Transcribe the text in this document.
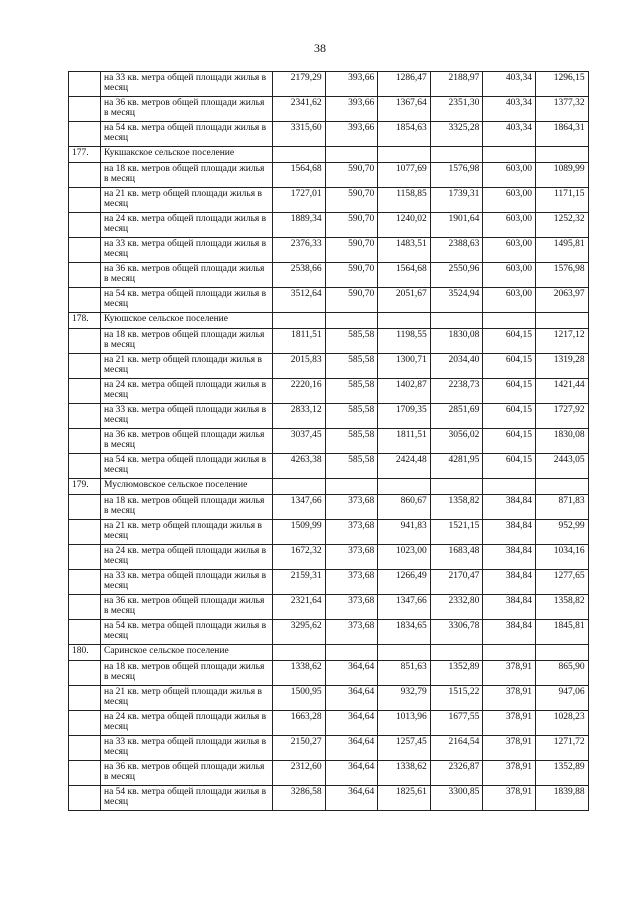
38
	на 33 кв. метра общей площади жилья в месяц	2179,29	393,66	1286,47	2188,97	403,34	1296,15
	на 36 кв. метров общей площади жилья в месяц	2341,62	393,66	1367,64	2351,30	403,34	1377,32
	на 54 кв. метра общей площади жилья в месяц	3315,60	393,66	1854,63	3325,28	403,34	1864,31
177.	Кукшакское сельское поселение						
	на 18 кв. метров общей площади жилья в месяц	1564,68	590,70	1077,69	1576,98	603,00	1089,99
	на 21 кв. метр общей площади жилья в месяц	1727,01	590,70	1158,85	1739,31	603,00	1171,15
	на 24 кв. метра общей площади жилья в месяц	1889,34	590,70	1240,02	1901,64	603,00	1252,32
	на 33 кв. метра общей площади жилья в месяц	2376,33	590,70	1483,51	2388,63	603,00	1495,81
	на 36 кв. метров общей площади жилья в месяц	2538,66	590,70	1564,68	2550,96	603,00	1576,98
	на 54 кв. метра общей площади жилья в месяц	3512,64	590,70	2051,67	3524,94	603,00	2063,97
178.	Куюшское сельское поселение						
	на 18 кв. метров общей площади жилья в месяц	1811,51	585,58	1198,55	1830,08	604,15	1217,12
	на 21 кв. метр общей площади жилья в месяц	2015,83	585,58	1300,71	2034,40	604,15	1319,28
	на 24 кв. метра общей площади жилья в месяц	2220,16	585,58	1402,87	2238,73	604,15	1421,44
	на 33 кв. метра общей площади жилья в месяц	2833,12	585,58	1709,35	2851,69	604,15	1727,92
	на 36 кв. метров общей площади жилья в месяц	3037,45	585,58	1811,51	3056,02	604,15	1830,08
	на 54 кв. метра общей площади жилья в месяц	4263,38	585,58	2424,48	4281,95	604,15	2443,05
179.	Муслюмовское сельское поселение						
	на 18 кв. метров общей площади жилья в месяц	1347,66	373,68	860,67	1358,82	384,84	871,83
	на 21 кв. метр общей площади жилья в месяц	1509,99	373,68	941,83	1521,15	384,84	952,99
	на 24 кв. метра общей площади жилья в месяц	1672,32	373,68	1023,00	1683,48	384,84	1034,16
	на 33 кв. метра общей площади жилья в месяц	2159,31	373,68	1266,49	2170,47	384,84	1277,65
	на 36 кв. метров общей площади жилья в месяц	2321,64	373,68	1347,66	2332,80	384,84	1358,82
	на 54 кв. метра общей площади жилья в месяц	3295,62	373,68	1834,65	3306,78	384,84	1845,81
180.	Саринское сельское поселение						
	на 18 кв. метров общей площади жилья в месяц	1338,62	364,64	851,63	1352,89	378,91	865,90
	на 21 кв. метр общей площади жилья в месяц	1500,95	364,64	932,79	1515,22	378,91	947,06
	на 24 кв. метра общей площади жилья в месяц	1663,28	364,64	1013,96	1677,55	378,91	1028,23
	на 33 кв. метра общей площади жилья в месяц	2150,27	364,64	1257,45	2164,54	378,91	1271,72
	на 36 кв. метров общей площади жилья в месяц	2312,60	364,64	1338,62	2326,87	378,91	1352,89
	на 54 кв. метра общей площади жилья в месяц	3286,58	364,64	1825,61	3300,85	378,91	1839,88
